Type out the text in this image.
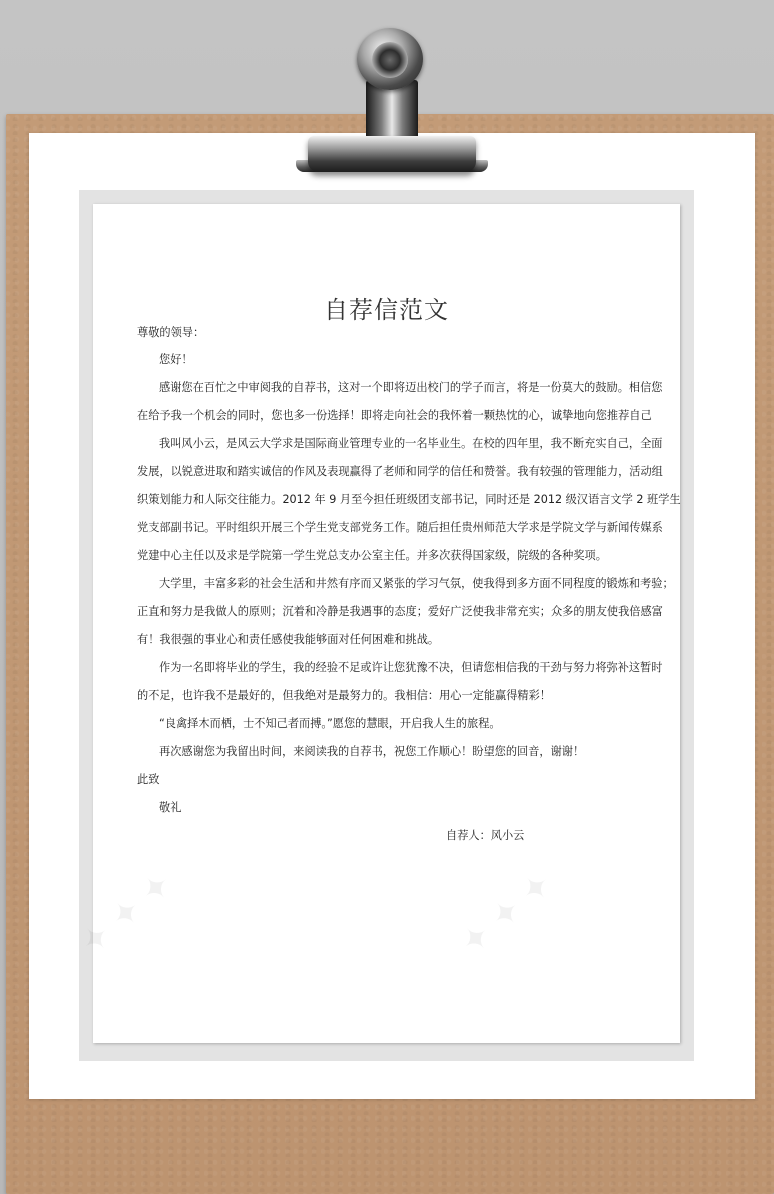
✦ ✦ ✦	✦ ✦ ✦
自荐信范文

尊敬的领导：

您好！

感谢您在百忙之中审阅我的自荐书，这对一个即将迈出校门的学子而言，将是一份莫大的鼓励。相信您

在给予我一个机会的同时，您也多一份选择！即将走向社会的我怀着一颗热忱的心，诚挚地向您推荐自己

我叫风小云，是风云大学求是国际商业管理专业的一名毕业生。在校的四年里，我不断充实自己，全面

发展，以锐意进取和踏实诚信的作风及表现赢得了老师和同学的信任和赞誉。我有较强的管理能力，活动组

织策划能力和人际交往能力。2012 年 9 月至今担任班级团支部书记，同时还是 2012 级汉语言文学 2 班学生

党支部副书记。平时组织开展三个学生党支部党务工作。随后担任贵州师范大学求是学院文学与新闻传媒系

党建中心主任以及求是学院第一学生党总支办公室主任。并多次获得国家级，院级的各种奖项。

大学里，丰富多彩的社会生活和井然有序而又紧张的学习气氛，使我得到多方面不同程度的锻炼和考验；

正直和努力是我做人的原则；沉着和冷静是我遇事的态度；爱好广泛使我非常充实；众多的朋友使我倍感富

有！我很强的事业心和责任感使我能够面对任何困难和挑战。

作为一名即将毕业的学生，我的经验不足或许让您犹豫不决，但请您相信我的干劲与努力将弥补这暂时

的不足，也许我不是最好的，但我绝对是最努力的。我相信：用心一定能赢得精彩！

“良禽择木而栖，士不知己者而搏。”愿您的慧眼，开启我人生的旅程。

再次感谢您为我留出时间，来阅读我的自荐书，祝您工作顺心！盼望您的回音，谢谢！

此致

敬礼

自荐人：风小云
